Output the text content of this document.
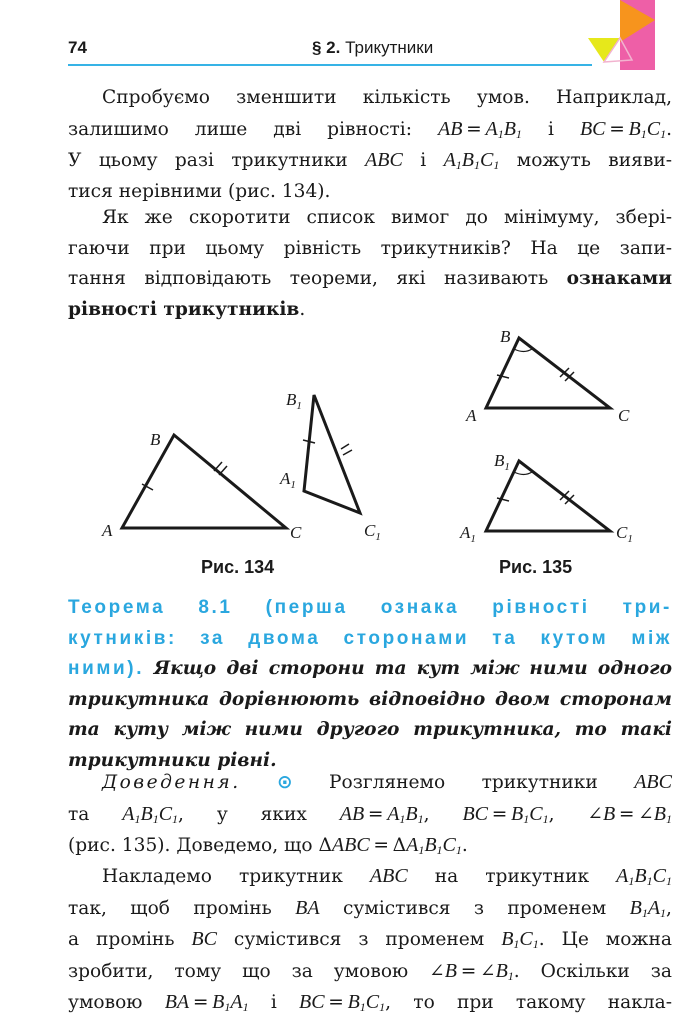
74	§ 2. Трикутники
Спробуємо зменшити кількість умов. Наприклад,
залишимо лише дві рівності: AB = $A_1B_1$ і BC = $B_1C_1$.
У цьому разі трикутники ABC і $A_1B_1C_1$ можуть вияви-
тися нерівними (рис. 134).
Як же скоротити список вимог до мінімуму, збері-
гаючи при цьому рівність трикутників? На це запи-
тання відповідають теореми, які називають ознаками
рівності трикутників.
A
B
C
$B_1$
$A_1$
$C_1$
A
B
C
$B_1$
$A_1$	$C_1$
Рис. 134	Рис. 135
Теорема 8.1 (перша ознака рівності три-
кутників: за двома сторонами та кутом між
ними). Якщо дві сторони та кут між ними одного
трикутника дорівнюють відповідно двом сторонам
та куту між ними другого трикутника, то такі
трикутники рівні.
Доведення. ⊙ Розглянемо трикутники ABC
та $A_1B_1C_1$, у яких AB = $A_1B_1$, BC = $B_1C_1$, ∠B = $\angle B_1$
(рис. 135). Доведемо, що $\Delta ABC = \Delta A_1B_1C_1$.
Накладемо трикутник ABC на трикутник $A_1B_1C_1$
так, щоб промінь BA сумістився з променем $B_1A_1$,
а промінь BC сумістився з променем $B_1C_1$. Це можна
зробити, тому що за умовою ∠B = $\angle B_1$. Оскільки за
умовою BA = $B_1A_1$ і BC = $B_1C_1$, то при такому накла-
